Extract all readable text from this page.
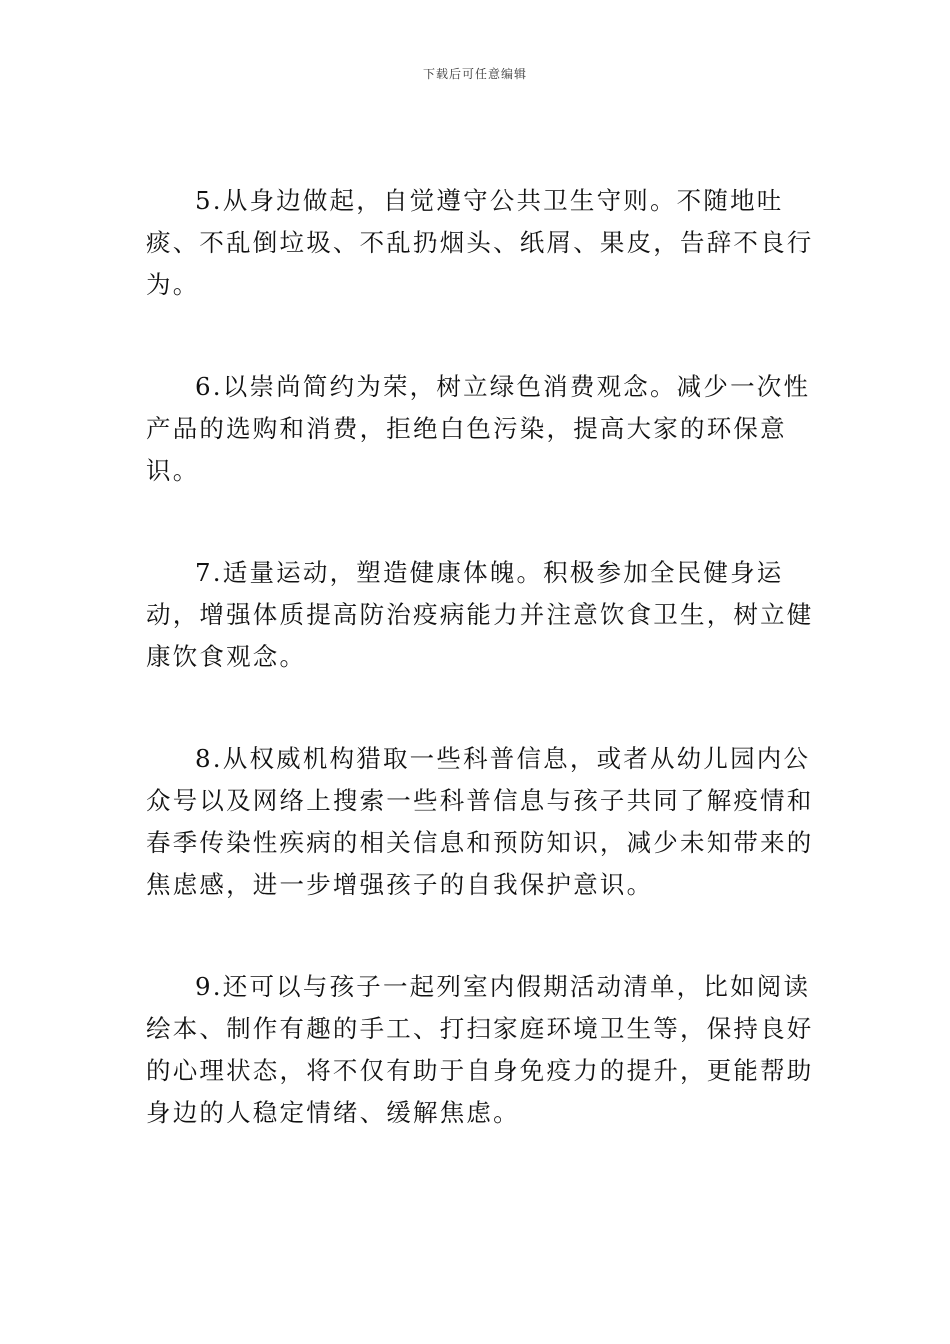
下载后可任意编辑

5.从身边做起，自觉遵守公共卫生守则。不随地吐痰、不乱倒垃圾、不乱扔烟头、纸屑、果皮，告辞不良行为。

6.以崇尚简约为荣，树立绿色消费观念。减少一次性产品的选购和消费，拒绝白色污染，提高大家的环保意识。

7.适量运动，塑造健康体魄。积极参加全民健身运动，增强体质提高防治疫病能力并注意饮食卫生，树立健康饮食观念。

8.从权威机构猎取一些科普信息，或者从幼儿园内公众号以及网络上搜索一些科普信息与孩子共同了解疫情和春季传染性疾病的相关信息和预防知识，减少未知带来的焦虑感，进一步增强孩子的自我保护意识。

9.还可以与孩子一起列室内假期活动清单，比如阅读绘本、制作有趣的手工、打扫家庭环境卫生等，保持良好的心理状态，将不仅有助于自身免疫力的提升，更能帮助身边的人稳定情绪、缓解焦虑。
